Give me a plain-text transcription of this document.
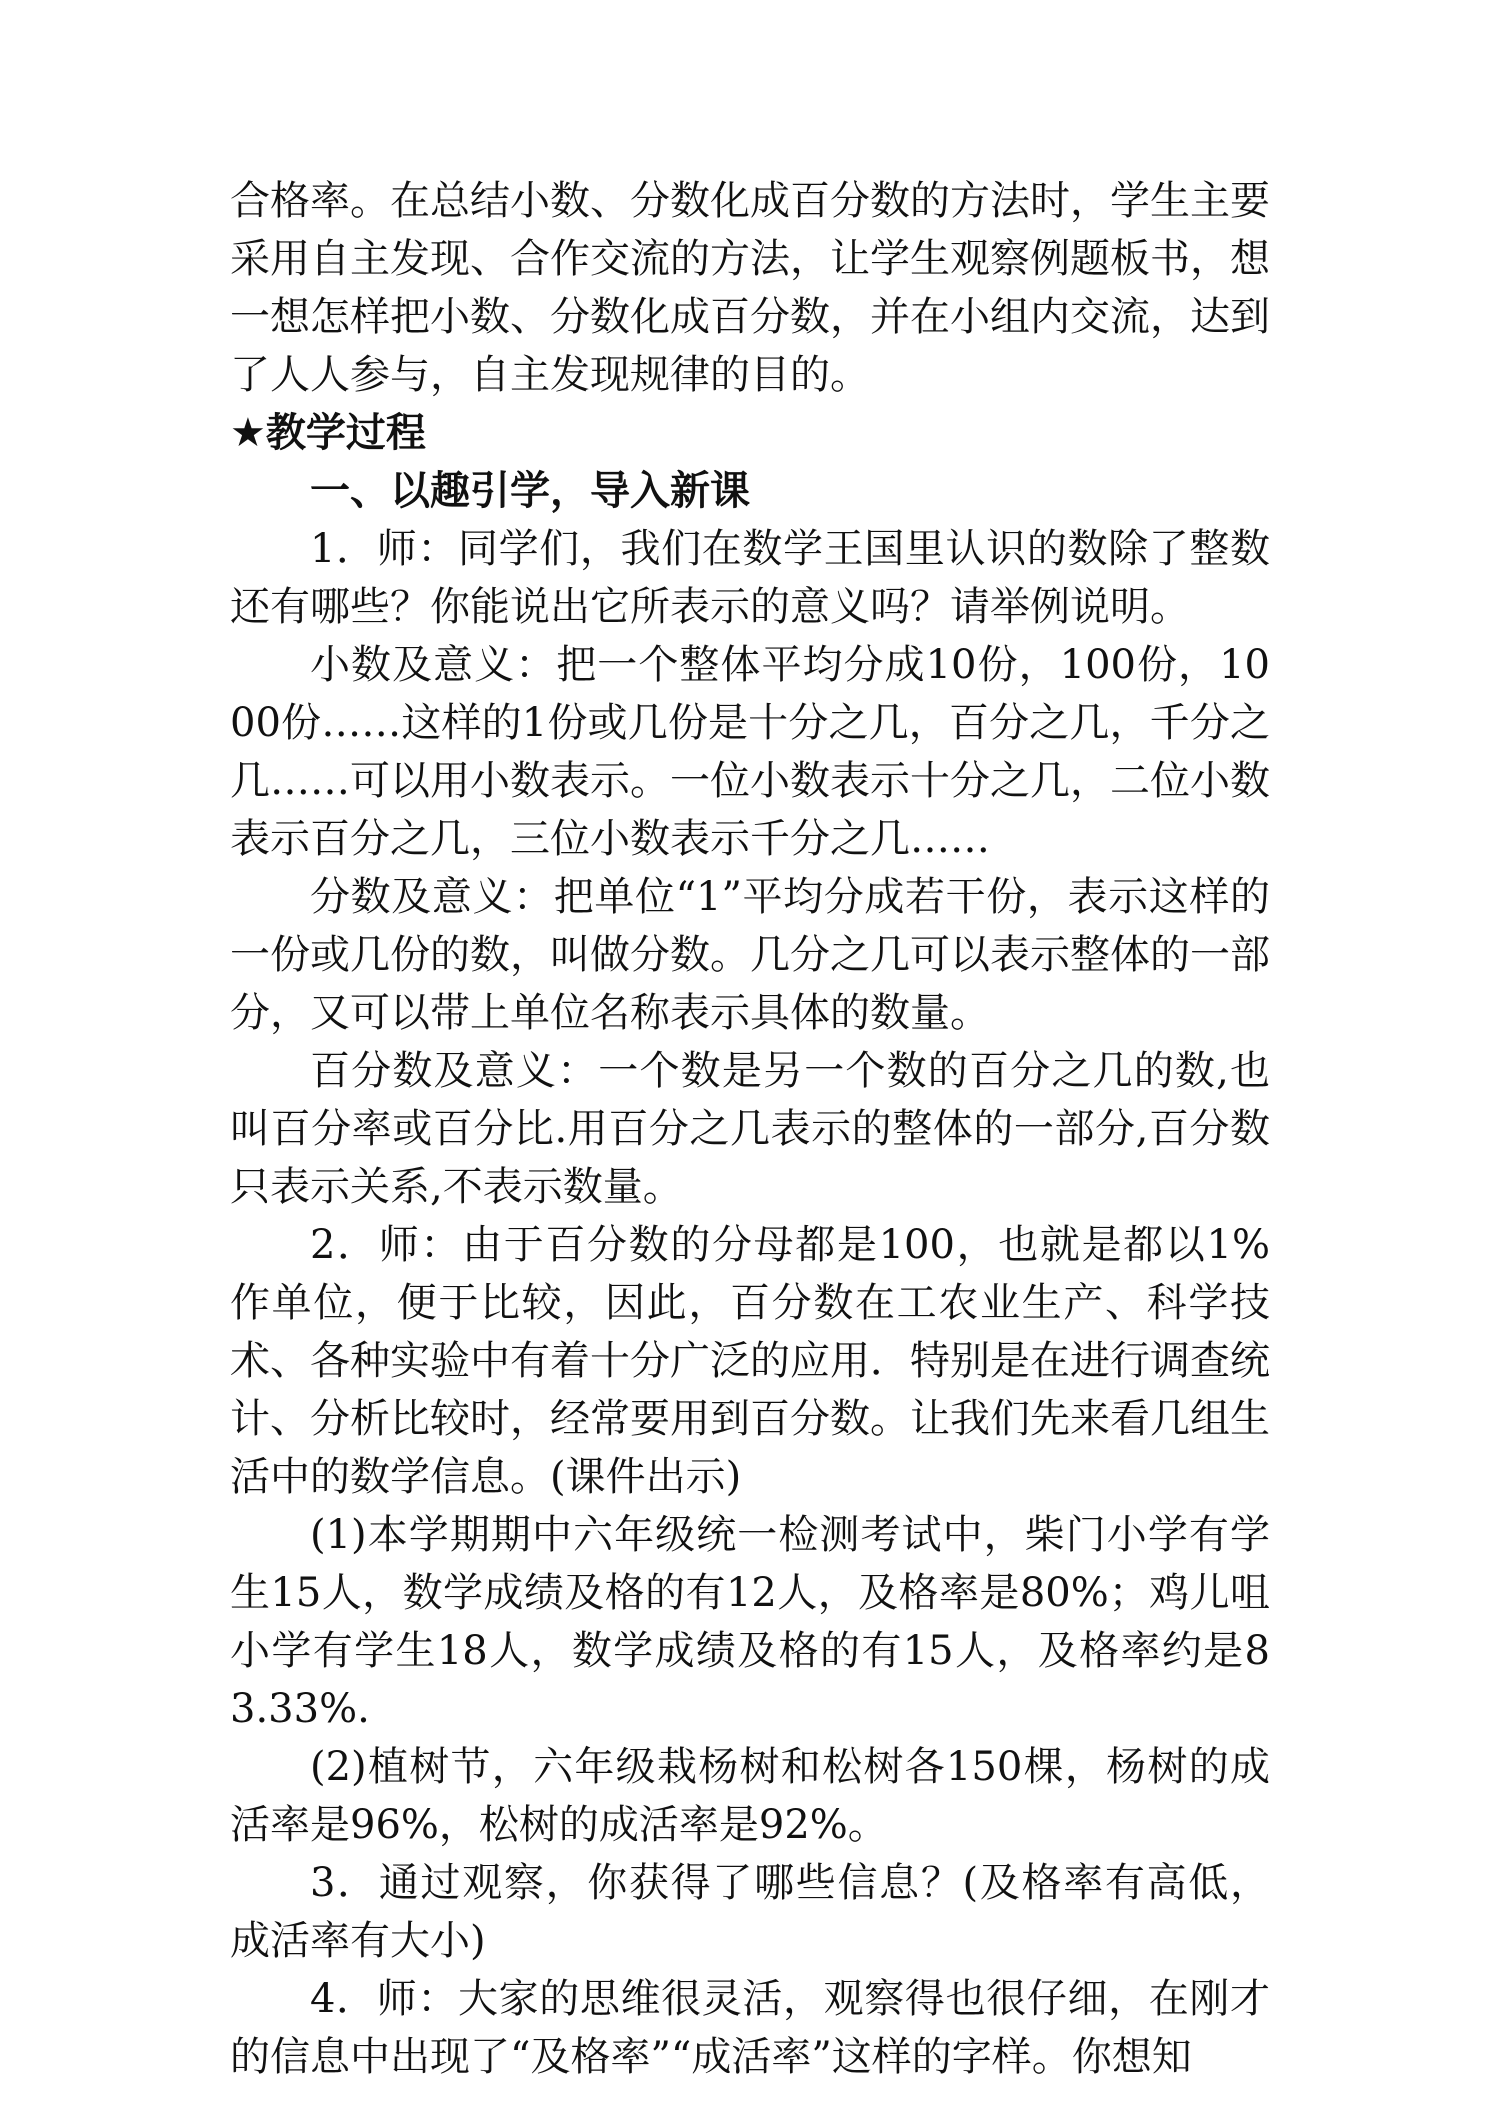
合格率。在总结小数、分数化成百分数的方法时，学生主要采用自主发现、合作交流的方法，让学生观察例题板书，想一想怎样把小数、分数化成百分数，并在小组内交流，达到了人人参与，自主发现规律的目的。

★教学过程

一、以趣引学，导入新课

1．师：同学们，我们在数学王国里认识的数除了整数还有哪些？你能说出它所表示的意义吗？请举例说明。

小数及意义：把一个整体平均分成10份，100份，1000份……这样的1份或几份是十分之几，百分之几，千分之几……可以用小数表示。一位小数表示十分之几，二位小数表示百分之几，三位小数表示千分之几……

分数及意义：把单位“1”平均分成若干份，表示这样的一份或几份的数，叫做分数。几分之几可以表示整体的一部分，又可以带上单位名称表示具体的数量。

百分数及意义：一个数是另一个数的百分之几的数,也叫百分率或百分比.用百分之几表示的整体的一部分,百分数只表示关系,不表示数量。

2．师：由于百分数的分母都是100，也就是都以1%作单位，便于比较，因此，百分数在工农业生产、科学技术、各种实验中有着十分广泛的应用．特别是在进行调查统计、分析比较时，经常要用到百分数。让我们先来看几组生活中的数学信息。(课件出示)

(1)本学期期中六年级统一检测考试中，柴门小学有学生15人，数学成绩及格的有12人，及格率是80%；鸡儿咀小学有学生18人，数学成绩及格的有15人，及格率约是83.33%.

(2)植树节，六年级栽杨树和松树各150棵，杨树的成活率是96%，松树的成活率是92%。

3．通过观察，你获得了哪些信息？(及格率有高低，成活率有大小)

4．师：大家的思维很灵活，观察得也很仔细，在刚才的信息中出现了“及格率”“成活率”这样的字样。你想知
